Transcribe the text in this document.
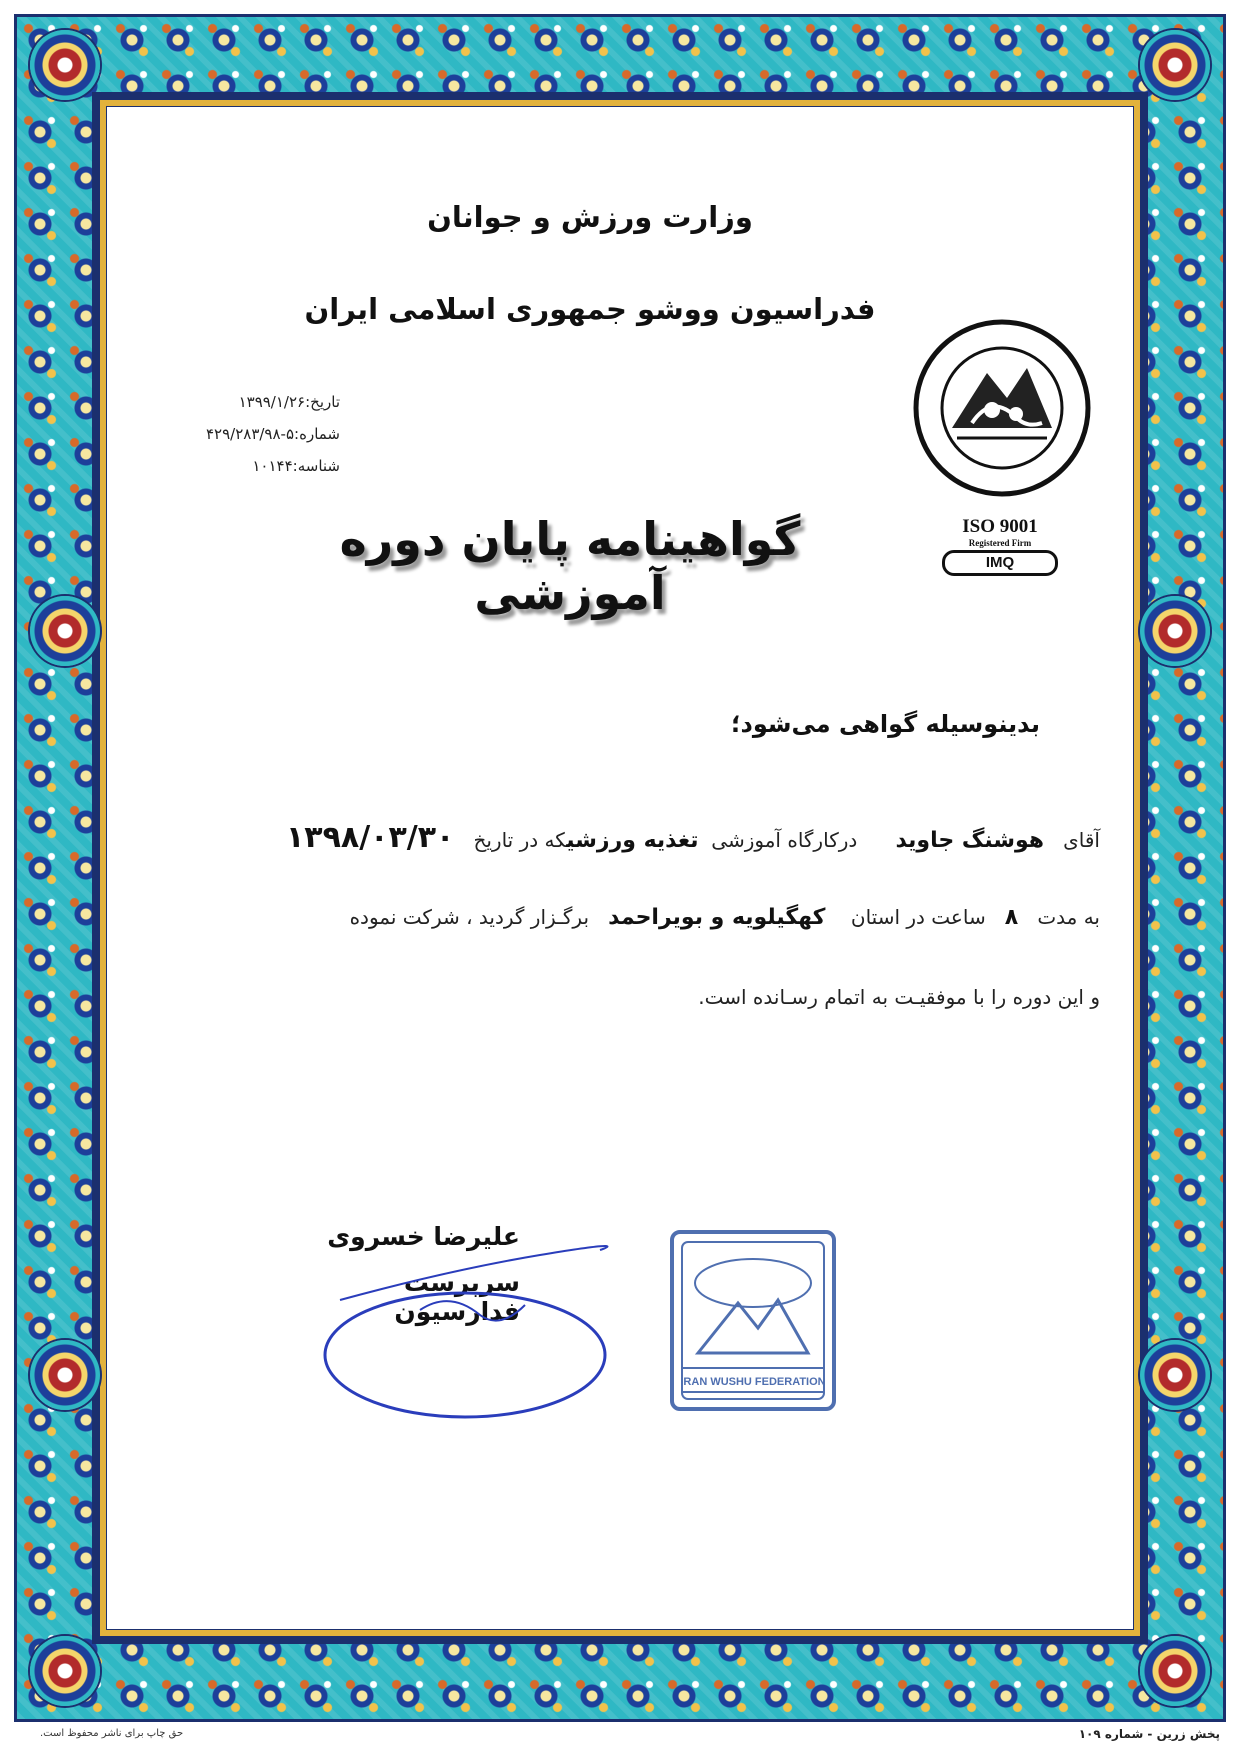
وزارت ورزش و جوانان
فدراسیون ووشو جمهوری اسلامی ایران
تاریخ:۱۳۹۹/۱/۲۶
شماره:۵-۴۲۹/۲۸۳/۹۸
شناسه:۱۰۱۴۴
گواهینامه پایان دوره آموزشی
ISO 9001
Registered Firm
IMQ
بدینوسیله گواهی می‌شود؛
آقای   هوشنگ جاوید      درکارگاه آموزشی  تغذیه ورزشیکه در تاریخ   ۱۳۹۸/۰۳/۳۰
به مدت   ۸   ساعت در استان    کهگیلویه و بویراحمد   برگـزار گردید ، شرکت نموده
و این دوره را با موفقیـت به اتمام رسـانده است.
علیرضا خسروی
سرپرست فدارسیون
IRAN WUSHU FEDERATION
حق چاپ برای ناشر محفوظ است.	پخش زرین - شماره ۱۰۹
